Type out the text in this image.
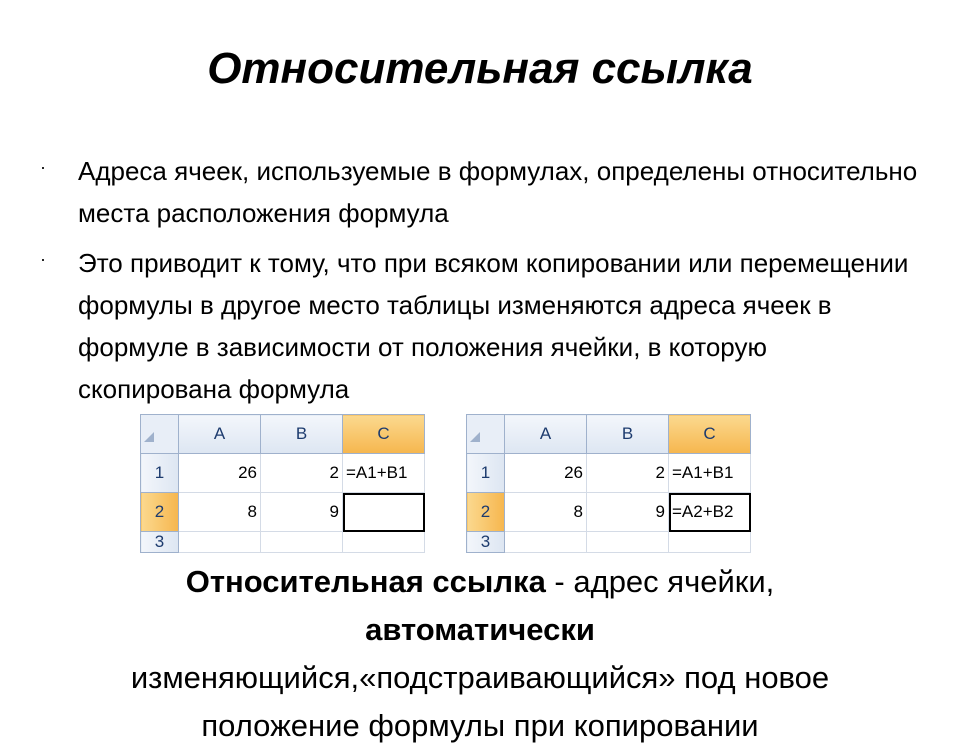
Относительная ссылка
· Адреса ячеек, используемые в формулах, определены относительно места расположения формула
· Это приводит к тому, что при всяком копировании или перемещении формулы в другое место таблицы изменяются адреса ячеек в формуле в зависимости от положения ячейки, в которую скопирована формула
	A	B	C
1	26	2	=A1+B1
2	8	9	
3			
	A	B	C
1	26	2	=A1+B1
2	8	9	=A2+B2
3			
Относительная ссылка - адрес ячейки,
автоматически
изменяющийся,«подстраивающийся» под новое
положение формулы при копировании
